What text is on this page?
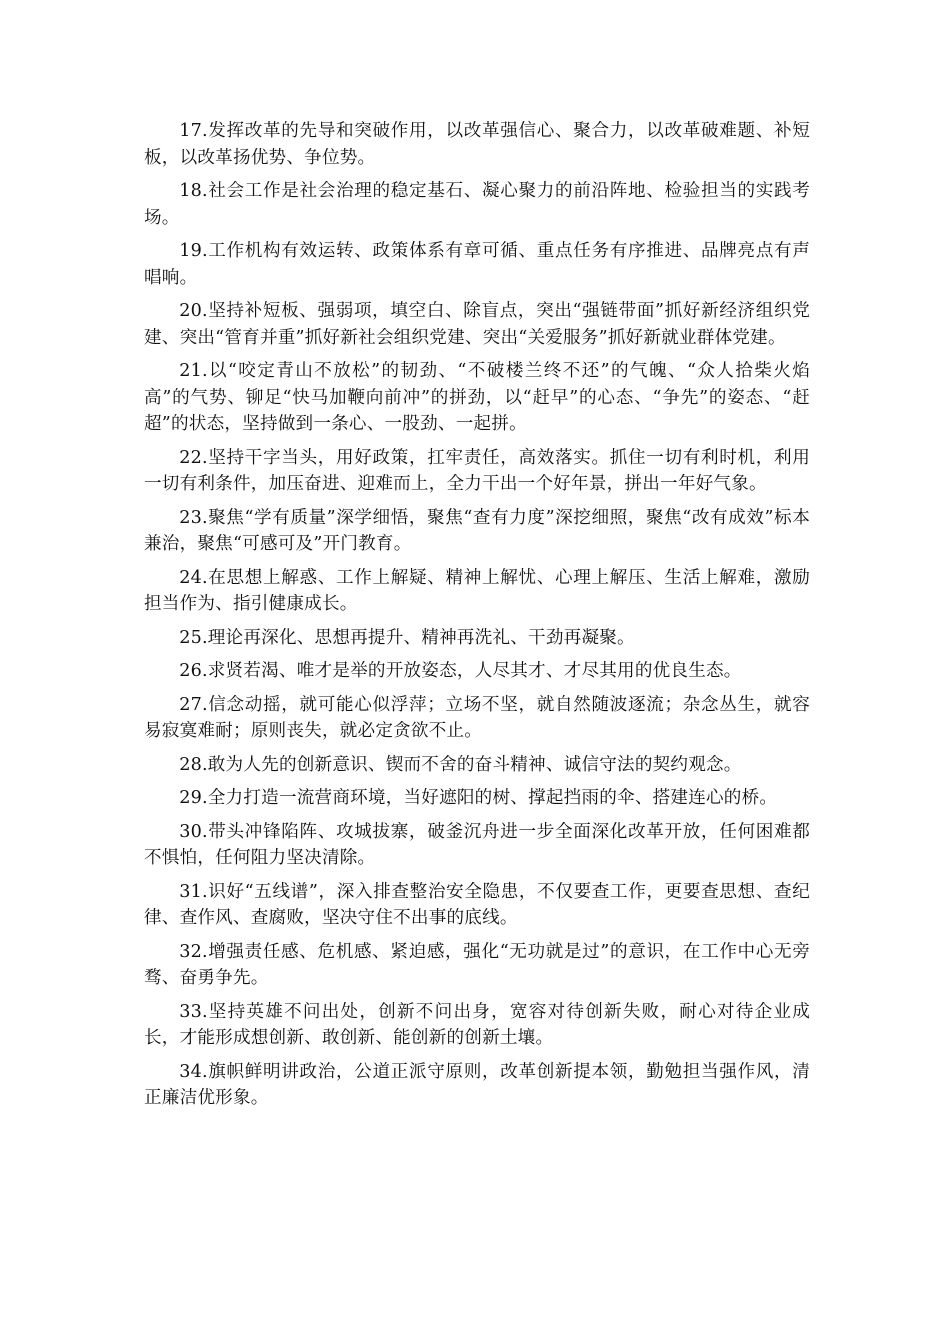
17.发挥改革的先导和突破作用，以改革强信心、聚合力，以改革破难题、补短板，以改革扬优势、争位势。

18.社会工作是社会治理的稳定基石、凝心聚力的前沿阵地、检验担当的实践考场。

19.工作机构有效运转、政策体系有章可循、重点任务有序推进、品牌亮点有声唱响。

20.坚持补短板、强弱项，填空白、除盲点，突出“强链带面”抓好新经济组织党建、突出“管育并重”抓好新社会组织党建、突出“关爱服务”抓好新就业群体党建。

21.以“咬定青山不放松”的韧劲、“不破楼兰终不还”的气魄、“众人拾柴火焰高”的气势、铆足“快马加鞭向前冲”的拼劲，以“赶早”的心态、“争先”的姿态、“赶超”的状态，坚持做到一条心、一股劲、一起拼。

22.坚持干字当头，用好政策，扛牢责任，高效落实。抓住一切有利时机，利用一切有利条件，加压奋进、迎难而上，全力干出一个好年景，拼出一年好气象。

23.聚焦“学有质量”深学细悟，聚焦“查有力度”深挖细照，聚焦“改有成效”标本兼治，聚焦“可感可及”开门教育。

24.在思想上解惑、工作上解疑、精神上解忧、心理上解压、生活上解难，激励担当作为、指引健康成长。

25.理论再深化、思想再提升、精神再洗礼、干劲再凝聚。

26.求贤若渴、唯才是举的开放姿态，人尽其才、才尽其用的优良生态。

27.信念动摇，就可能心似浮萍；立场不坚，就自然随波逐流；杂念丛生，就容易寂寞难耐；原则丧失，就必定贪欲不止。

28.敢为人先的创新意识、锲而不舍的奋斗精神、诚信守法的契约观念。

29.全力打造一流营商环境，当好遮阳的树、撑起挡雨的伞、搭建连心的桥。

30.带头冲锋陷阵、攻城拔寨，破釜沉舟进一步全面深化改革开放，任何困难都不惧怕，任何阻力坚决清除。

31.识好“五线谱”，深入排查整治安全隐患，不仅要查工作，更要查思想、查纪律、查作风、查腐败，坚决守住不出事的底线。

32.增强责任感、危机感、紧迫感，强化“无功就是过”的意识，在工作中心无旁骛、奋勇争先。

33.坚持英雄不问出处，创新不问出身，宽容对待创新失败，耐心对待企业成长，才能形成想创新、敢创新、能创新的创新土壤。

34.旗帜鲜明讲政治，公道正派守原则，改革创新提本领，勤勉担当强作风，清正廉洁优形象。
